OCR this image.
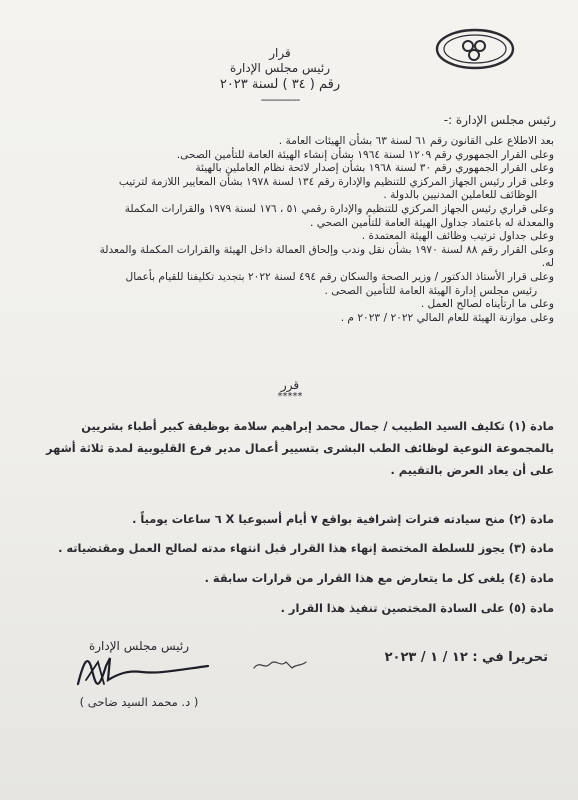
قرار
رئيس مجلس الإدارة
رقم ( ٣٤ ) لسنة ٢٠٢٣
-------------
رئيس مجلس الإدارة :-
بعد الاطلاع على القانون رقم ٦١ لسنة ٦٣ بشأن الهيئات العامة .
وعلى القرار الجمهوري رقم ١٢٠٩ لسنة ١٩٦٤ بشأن إنشاء الهيئة العامة للتأمين الصحى.
وعلى القرار الجمهوري رقم ٣٠ لسنة ١٩٦٨ بشأن إصدار لائحة نظام العاملين بالهيئة
وعلى قرار رئيس الجهاز المركزي للتنظيم والإدارة رقم ١٣٤ لسنة ١٩٧٨ بشأن المعايير اللازمة لترتيب
الوظائف للعاملين المدنيين بالدولة .
وعلى قراري رئيس الجهاز المركزي للتنظيم والإدارة رقمي ٥١ ، ١٧٦ لسنة ١٩٧٩ والقرارات المكملة
والمعدلة له باعتماد جداول الهيئة العامة للتأمين الصحي .
وعلى جداول ترتيب وظائف الهيئة المعتمدة .
وعلى القرار رقم ٨٨ لسنة ١٩٧٠ بشأن نقل وندب وإلحاق العمالة داخل الهيئة والقرارات المكملة والمعدلة
له.
وعلى قرار الأستاذ الدكتور / وزير الصحة والسكان رقم ٤٩٤ لسنة ٢٠٢٢ بتجديد تكليفنا للقيام بأعمال
رئيس مجلس إدارة الهيئة العامة للتأمين الصحى .
وعلى ما ارتأيناه لصالح العمل .
وعلى موازنة الهيئة للعام المالي ٢٠٢٢ / ٢٠٢٣ م .
قرر
*****

مادة (١) تكليف السيد الطبيب / جمال محمد إبراهيم سلامة بوظيفة كبير أطباء بشريين بالمجموعة النوعية لوظائف الطب البشرى بتسيير أعمال مدير فرع القليوبية لمدة ثلاثة أشهر على أن يعاد العرض بالتقييم .

مادة (٢) منح سيادته فترات إشرافية بواقع ٧ أيام أسبوعيا X ٦ ساعات يومياً .

مادة (٣) يجوز للسلطة المختصة إنهاء هذا القرار قبل انتهاء مدته لصالح العمل ومقتضياته .

مادة (٤) يلغى كل ما يتعارض مع هذا القرار من قرارات سابقة .

مادة (٥) على السادة المختصين تنفيذ هذا القرار .

رئيس مجلس الإدارة
( د. محمد السيد ضاحى )
تحريرا في : ١٢ / ١ / ٢٠٢٣
